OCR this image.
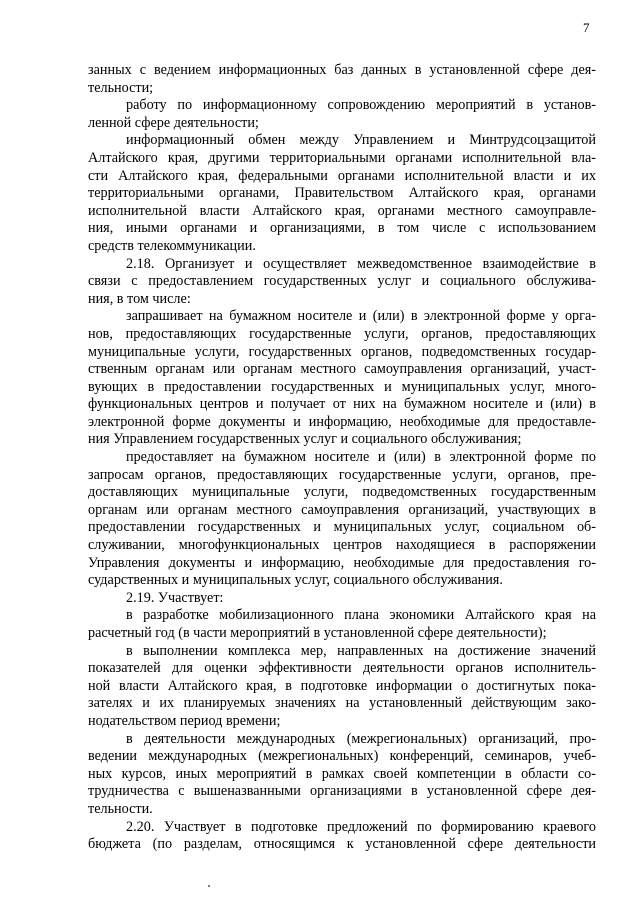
7
занных с ведением информационных баз данных в установленной сфере дея-
тельности;
работу по информационному сопровождению мероприятий в установ-
ленной сфере деятельности;
информационный обмен между Управлением и Минтрудсоцзащитой
Алтайского края, другими территориальными органами исполнительной вла-
сти Алтайского края, федеральными органами исполнительной власти и их
территориальными органами, Правительством Алтайского края, органами
исполнительной власти Алтайского края, органами местного самоуправле-
ния, иными органами и организациями, в том числе с использованием
средств телекоммуникации.
2.18. Организует и осуществляет межведомственное взаимодействие в
связи с предоставлением государственных услуг и социального обслужива-
ния, в том числе:
запрашивает на бумажном носителе и (или) в электронной форме у орга-
нов, предоставляющих государственные услуги, органов, предоставляющих
муниципальные услуги, государственных органов, подведомственных государ-
ственным органам или органам местного самоуправления организаций, участ-
вующих в предоставлении государственных и муниципальных услуг, много-
функциональных центров и получает от них на бумажном носителе и (или) в
электронной форме документы и информацию, необходимые для предоставле-
ния Управлением государственных услуг и социального обслуживания;
предоставляет на бумажном носителе и (или) в электронной форме по
запросам органов, предоставляющих государственные услуги, органов, пре-
доставляющих муниципальные услуги, подведомственных государственным
органам или органам местного самоуправления организаций, участвующих в
предоставлении государственных и муниципальных услуг, социальном об-
служивании, многофункциональных центров находящиеся в распоряжении
Управления документы и информацию, необходимые для предоставления го-
сударственных и муниципальных услуг, социального обслуживания.
2.19. Участвует:
в разработке мобилизационного плана экономики Алтайского края на
расчетный год (в части мероприятий в установленной сфере деятельности);
в выполнении комплекса мер, направленных на достижение значений
показателей для оценки эффективности деятельности органов исполнитель-
ной власти Алтайского края, в подготовке информации о достигнутых пока-
зателях и их планируемых значениях на установленный действующим зако-
нодательством период времени;
в деятельности международных (межрегиональных) организаций, про-
ведении международных (межрегиональных) конференций, семинаров, учеб-
ных курсов, иных мероприятий в рамках своей компетенции в области со-
трудничества с вышеназванными организациями в установленной сфере дея-
тельности.
2.20. Участвует в подготовке предложений по формированию краевого
бюджета (по разделам, относящимся к установленной сфере деятельности
